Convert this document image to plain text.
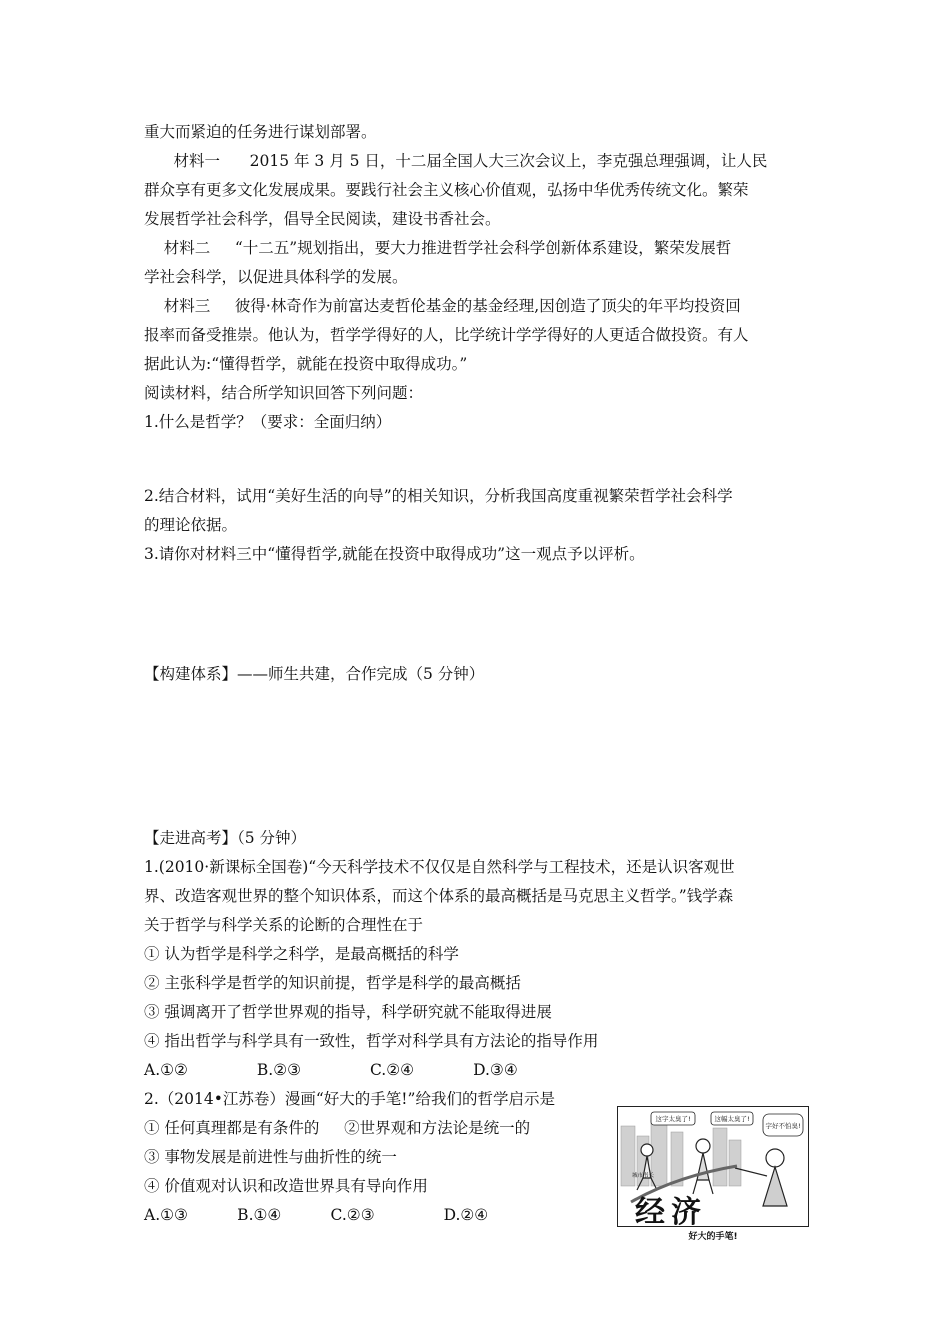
重大而紧迫的任务进行谋划部署。
材料一      2015 年 3 月 5 日，十二届全国人大三次会议上，李克强总理强调，让人民
群众享有更多文化发展成果。要践行社会主义核心价值观，弘扬中华优秀传统文化。繁荣
发展哲学社会科学，倡导全民阅读，建设书香社会。
材料二     “十二五”规划指出，要大力推进哲学社会科学创新体系建设，繁荣发展哲
学社会科学，以促进具体科学的发展。
材料三     彼得·林奇作为前富达麦哲伦基金的基金经理,因创造了顶尖的年平均投资回
报率而备受推崇。他认为，哲学学得好的人，比学统计学学得好的人更适合做投资。有人
据此认为:“懂得哲学，就能在投资中取得成功。”
阅读材料，结合所学知识回答下列问题：
1.什么是哲学？（要求：全面归纳）
2.结合材料，试用“美好生活的向导”的相关知识，分析我国高度重视繁荣哲学社会科学
的理论依据。
3.请你对材料三中“懂得哲学,就能在投资中取得成功”这一观点予以评析。
【构建体系】——师生共建，合作完成（5 分钟）
【走进高考】（5 分钟）
1.(2010·新课标全国卷)“今天科学技术不仅仅是自然科学与工程技术，还是认识客观世
界、改造客观世界的整个知识体系，而这个体系的最高概括是马克思主义哲学。”钱学森
关于哲学与科学关系的论断的合理性在于
① 认为哲学是科学之科学，是最高概括的科学
② 主张科学是哲学的知识前提，哲学是科学的最高概括
③ 强调离开了哲学世界观的指导，科学研究就不能取得进展
④ 指出哲学与科学具有一致性，哲学对科学具有方法论的指导作用
A.①②              B.②③              C.②④            D.③④
2.（2014•江苏卷）漫画“好大的手笔!”给我们的哲学启示是
① 任何真理都是有条件的     ②世界观和方法论是统一的
③ 事物发展是前进性与曲折性的统一
④ 价值观对认识和改造世界具有导向作用
A.①③          B.①④          C.②③              D.②④
这字太臭了!	这幅太臭了!
字好不怕臭!
城市书长
经济
好大的手笔!
